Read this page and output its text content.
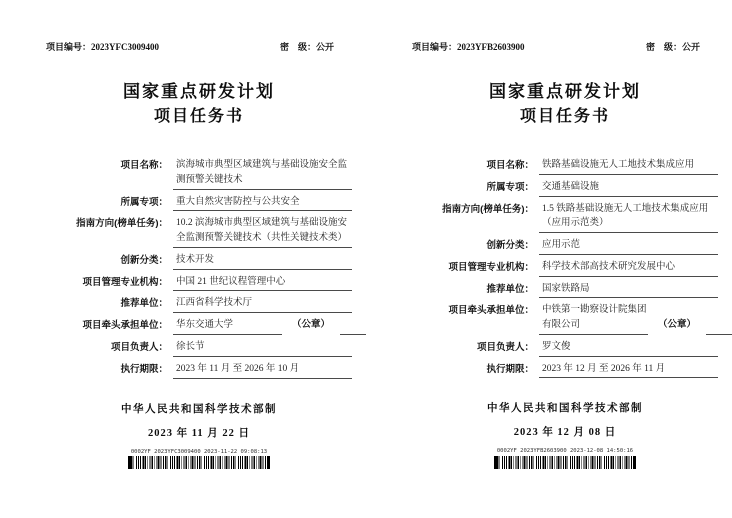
项目编号：2023YFC3009400	密　级：公开
国家重点研发计划
项目任务书
项目名称： 滨海城市典型区域建筑与基础设施安全监测预警关键技术
所属专项： 重大自然灾害防控与公共安全
指南方向(榜单任务)： 10.2 滨海城市典型区域建筑与基础设施安全监测预警关键技术（共性关键技术类）
创新分类： 技术开发
项目管理专业机构： 中国 21 世纪议程管理中心
推荐单位： 江西省科学技术厅
项目牵头承担单位： 华东交通大学	（公章）
项目负责人： 徐长节
执行期限： 2023 年 11 月 至 2026 年 10 月
中华人民共和国科学技术部制
2023 年 11 月 22 日
0002YF 2023YFC3009400 2023-11-22 09:08:13
项目编号：2023YFB2603900	密　级：公开
国家重点研发计划
项目任务书
项目名称： 铁路基础设施无人工地技术集成应用
所属专项： 交通基础设施
指南方向(榜单任务)： 1.5 铁路基础设施无人工地技术集成应用（应用示范类）
创新分类： 应用示范
项目管理专业机构： 科学技术部高技术研究发展中心
推荐单位： 国家铁路局
项目牵头承担单位： 中铁第一勘察设计院集团有限公司	（公章）
项目负责人： 罗文俊
执行期限： 2023 年 12 月 至 2026 年 11 月
中华人民共和国科学技术部制
2023 年 12 月 08 日
0002YF 2023YFB2603900 2023-12-08 14:50:16
